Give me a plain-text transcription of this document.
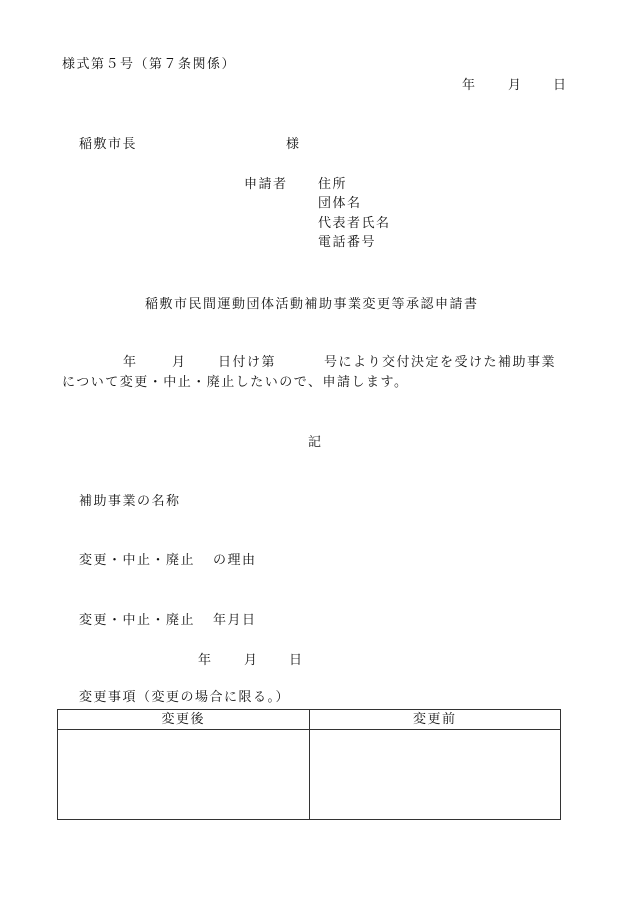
様式第５号（第７条関係）
年 月 日
稲敷市長	様
申請者 住所
団体名
代表者氏名
電話番号
稲敷市民間運動団体活動補助事業変更等承認申請書
年	月 日付け第	号により交付決定を受けた補助事業
について変更・中止・廃止したいので、申請します。
記
補助事業の名称
変更・中止・廃止 の理由
変更・中止・廃止 年月日
年 月 日
変更事項（変更の場合に限る。）
変更後	変更前
